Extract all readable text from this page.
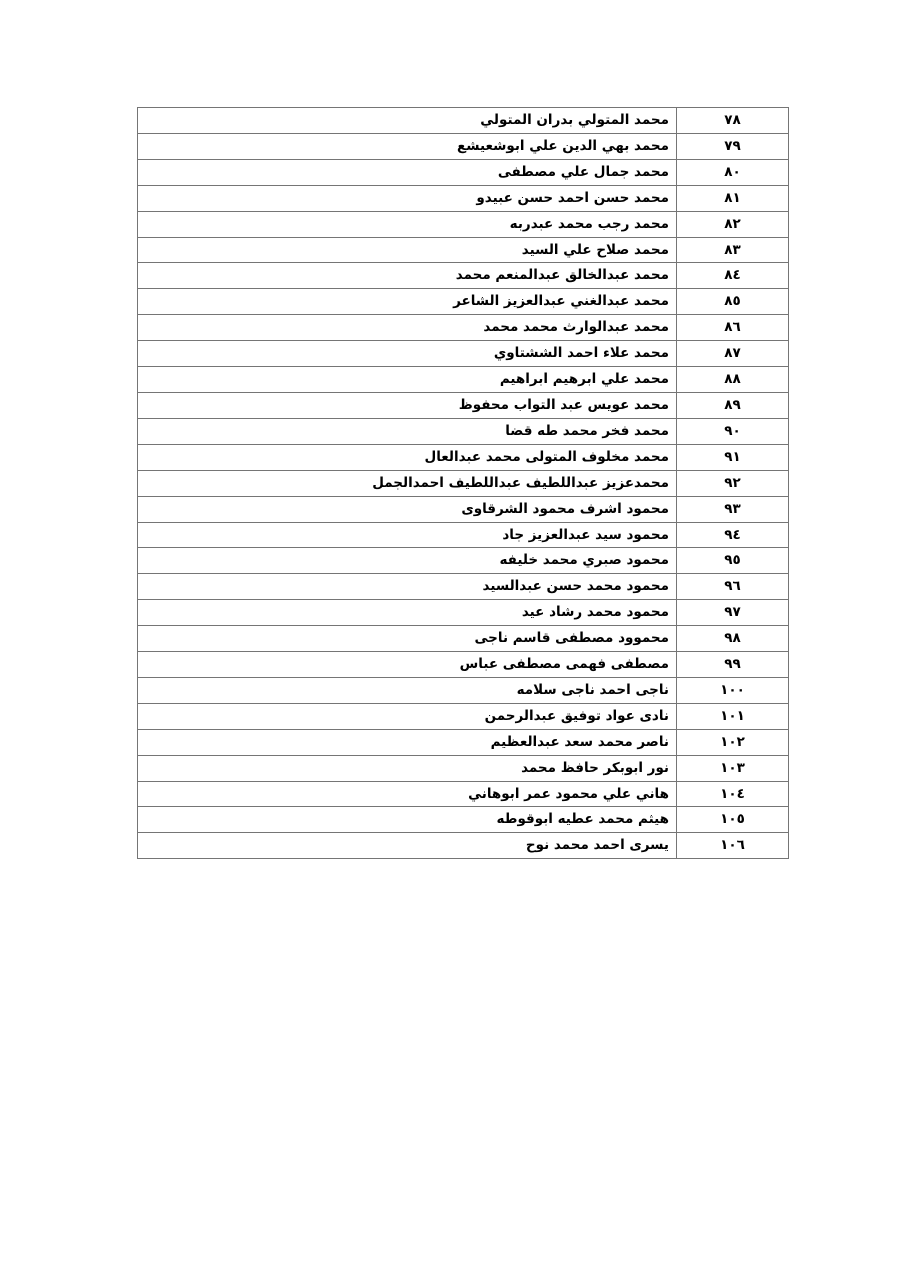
٧٨	محمد المتولي بدران المتولي
٧٩	محمد بهي الدين علي ابوشعيشع
٨٠	محمد جمال علي مصطفى
٨١	محمد حسن احمد حسن عبيدو
٨٢	محمد رجب محمد عبدربه
٨٣	محمد صلاح علي السيد
٨٤	محمد عبدالخالق عبدالمنعم محمد
٨٥	محمد عبدالغني عبدالعزيز الشاعر
٨٦	محمد عبدالوارث محمد محمد
٨٧	محمد علاء احمد الششتاوي
٨٨	محمد علي ابرهيم ابراهيم
٨٩	محمد عويس عبد التواب محفوظ
٩٠	محمد فخر محمد طه قضا
٩١	محمد مخلوف المتولى محمد عبدالعال
٩٢	محمدعزيز عبداللطيف عبداللطيف احمدالجمل
٩٣	محمود اشرف محمود الشرقاوى
٩٤	محمود سيد عبدالعزيز جاد
٩٥	محمود صبري محمد خليفه
٩٦	محمود محمد حسن عبدالسيد
٩٧	محمود محمد رشاد عيد
٩٨	محموود مصطفى قاسم ناجى
٩٩	مصطفى فهمى مصطفى عباس
١٠٠	ناجى احمد ناجى سلامه
١٠١	نادى عواد توفيق عبدالرحمن
١٠٢	ناصر محمد سعد عبدالعظيم
١٠٣	نور ابوبكر حافظ محمد
١٠٤	هاني علي محمود عمر ابوهاني
١٠٥	هيثم محمد عطيه ابوقوطه
١٠٦	يسرى احمد محمد نوح
